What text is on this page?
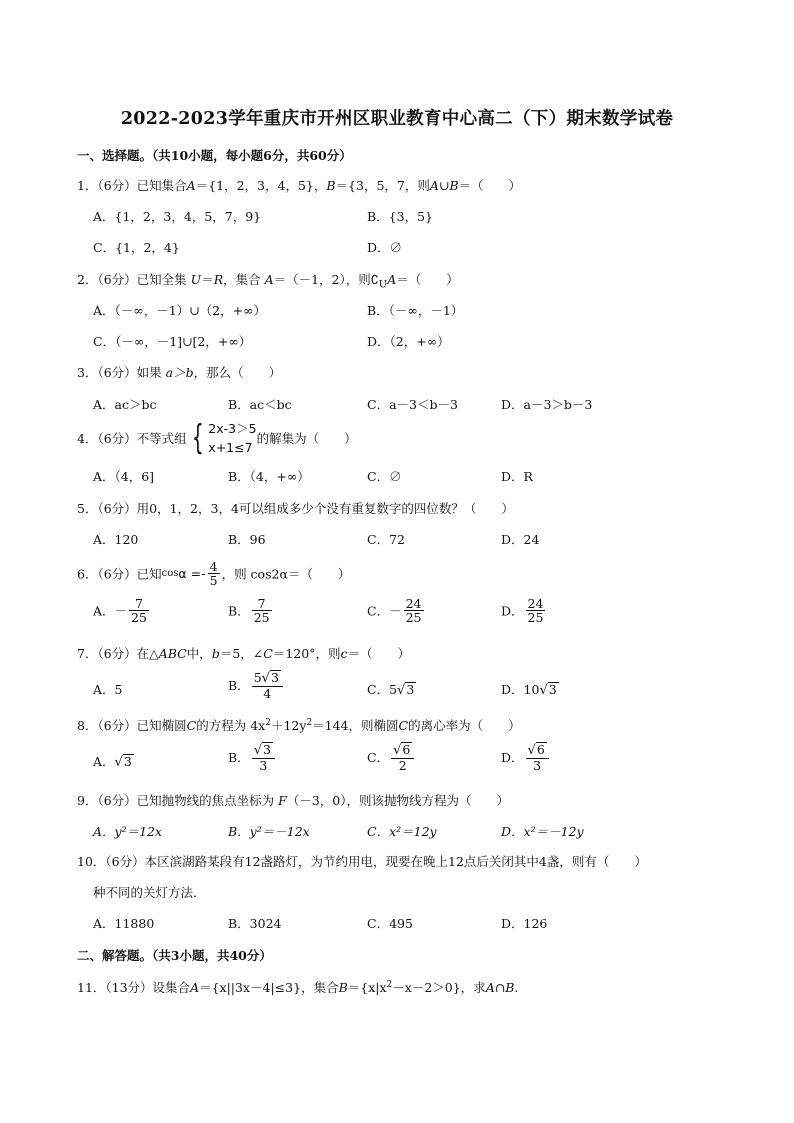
2022-2023学年重庆市开州区职业教育中心高二（下）期末数学试卷
一、选择题。（共10小题，每小题6分，共60分）
1．（6分）已知集合A＝{1，2，3，4，5}，B＝{3，5，7，则A∪B＝（　　）
A．{1，2，3，4，5，7，9}	B．{3，5}
C．{1，2，4}	D．∅
2．（6分）已知全集 U＝R，集合 A＝（－1，2），则$∁_UA=$（　　）
A．（－∞，－1）∪（2，+∞）	B．（－∞，－1）
C．（－∞，－1]∪[2，+∞）	D．（2，+∞）
3．（6分）如果 a＞b，那么（　　）
A．ac＞bc	B．ac＜bc	C．a－3＜b－3	D．a－3＞b－3
4．（6分）不等式组 { 2x-3＞5
x+1≤7
的解集为（　　）
A．（4，6]	B．（4，+∞）	C．∅	D．R
5．（6分）用0，1，2，3，4可以组成多少个没有重复数字的四位数？（　　）
A．120	B．96	C．72	D．24
6．（6分）已知$\cos\alpha =- \frac{4}{5}$ ，则 cos2α＝（　　）
A．－ $\frac{7}{25}$	B． $\frac{7}{25}$	C．－ $\frac{24}{25}$	D． $\frac{24}{25}$
7．（6分）在△ABC中，b＝5，∠C＝120°，则c＝（　　）
A．5	B． $\frac{5√3}{4}$	C．5√3	D．10√3
8．（6分）已知椭圆C的方程为 $4x^2+12y^2=144$，则椭圆C的离心率为（　　）
A．√3	B． $\frac{√3}{3}$	C． $\frac{√6}{2}$	D． $\frac{√6}{3}$
9．（6分）已知抛物线的焦点坐标为 F（－3，0），则该抛物线方程为（　　）
A．y²＝12x	B．y²＝－12x	C．x²＝12y	D．x²＝－12y
10．（6分）本区滨湖路某段有12盏路灯，为节约用电，现要在晚上12点后关闭其中4盏，则有（　　）
种不同的关灯方法．
A．11880	B．3024	C．495	D．126
二、解答题。（共3小题，共40分）
11．（13分）设集合A＝{x||3x－4|≤3}，集合$B=\{x|x^2-x-2>0\}$，求A∩B.
